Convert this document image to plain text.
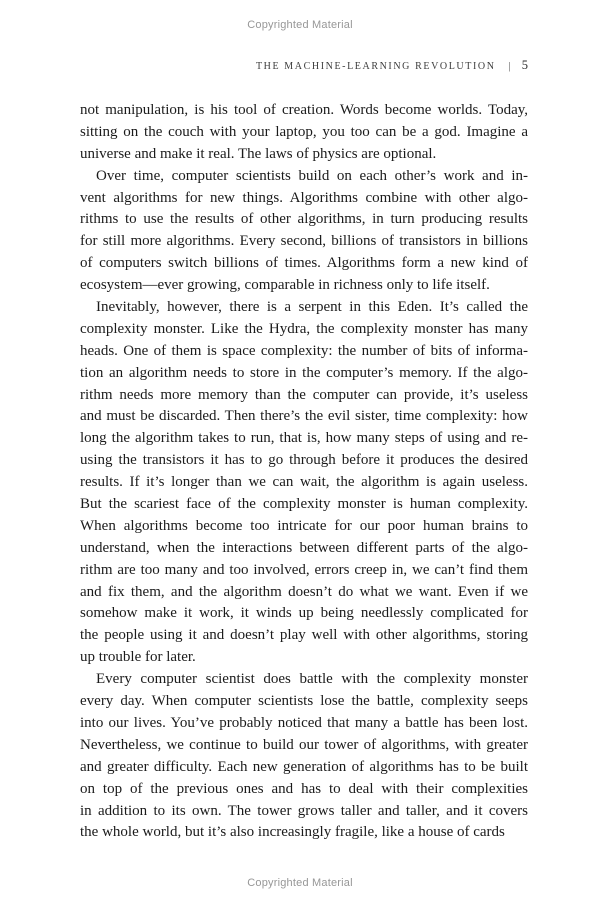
Copyrighted Material
THE MACHINE-LEARNING REVOLUTION | 5
not manipulation, is his tool of creation. Words become worlds. Today,
sitting on the couch with your laptop, you too can be a god. Imagine a
universe and make it real. The laws of physics are optional.
Over time, computer scientists build on each other’s work and in-
vent algorithms for new things. Algorithms combine with other algo-
rithms to use the results of other algorithms, in turn producing results
for still more algorithms. Every second, billions of transistors in billions
of computers switch billions of times. Algorithms form a new kind of
ecosystem—ever growing, comparable in richness only to life itself.
Inevitably, however, there is a serpent in this Eden. It’s called the
complexity monster. Like the Hydra, the complexity monster has many
heads. One of them is space complexity: the number of bits of informa-
tion an algorithm needs to store in the computer’s memory. If the algo-
rithm needs more memory than the computer can provide, it’s useless
and must be discarded. Then there’s the evil sister, time complexity: how
long the algorithm takes to run, that is, how many steps of using and re-
using the transistors it has to go through before it produces the desired
results. If it’s longer than we can wait, the algorithm is again useless.
But the scariest face of the complexity monster is human complexity.
When algorithms become too intricate for our poor human brains to
understand, when the interactions between different parts of the algo-
rithm are too many and too involved, errors creep in, we can’t find them
and fix them, and the algorithm doesn’t do what we want. Even if we
somehow make it work, it winds up being needlessly complicated for
the people using it and doesn’t play well with other algorithms, storing
up trouble for later.
Every computer scientist does battle with the complexity monster
every day. When computer scientists lose the battle, complexity seeps
into our lives. You’ve probably noticed that many a battle has been lost.
Nevertheless, we continue to build our tower of algorithms, with greater
and greater difficulty. Each new generation of algorithms has to be built
on top of the previous ones and has to deal with their complexities
in addition to its own. The tower grows taller and taller, and it covers
the whole world, but it’s also increasingly fragile, like a house of cards
Copyrighted Material
